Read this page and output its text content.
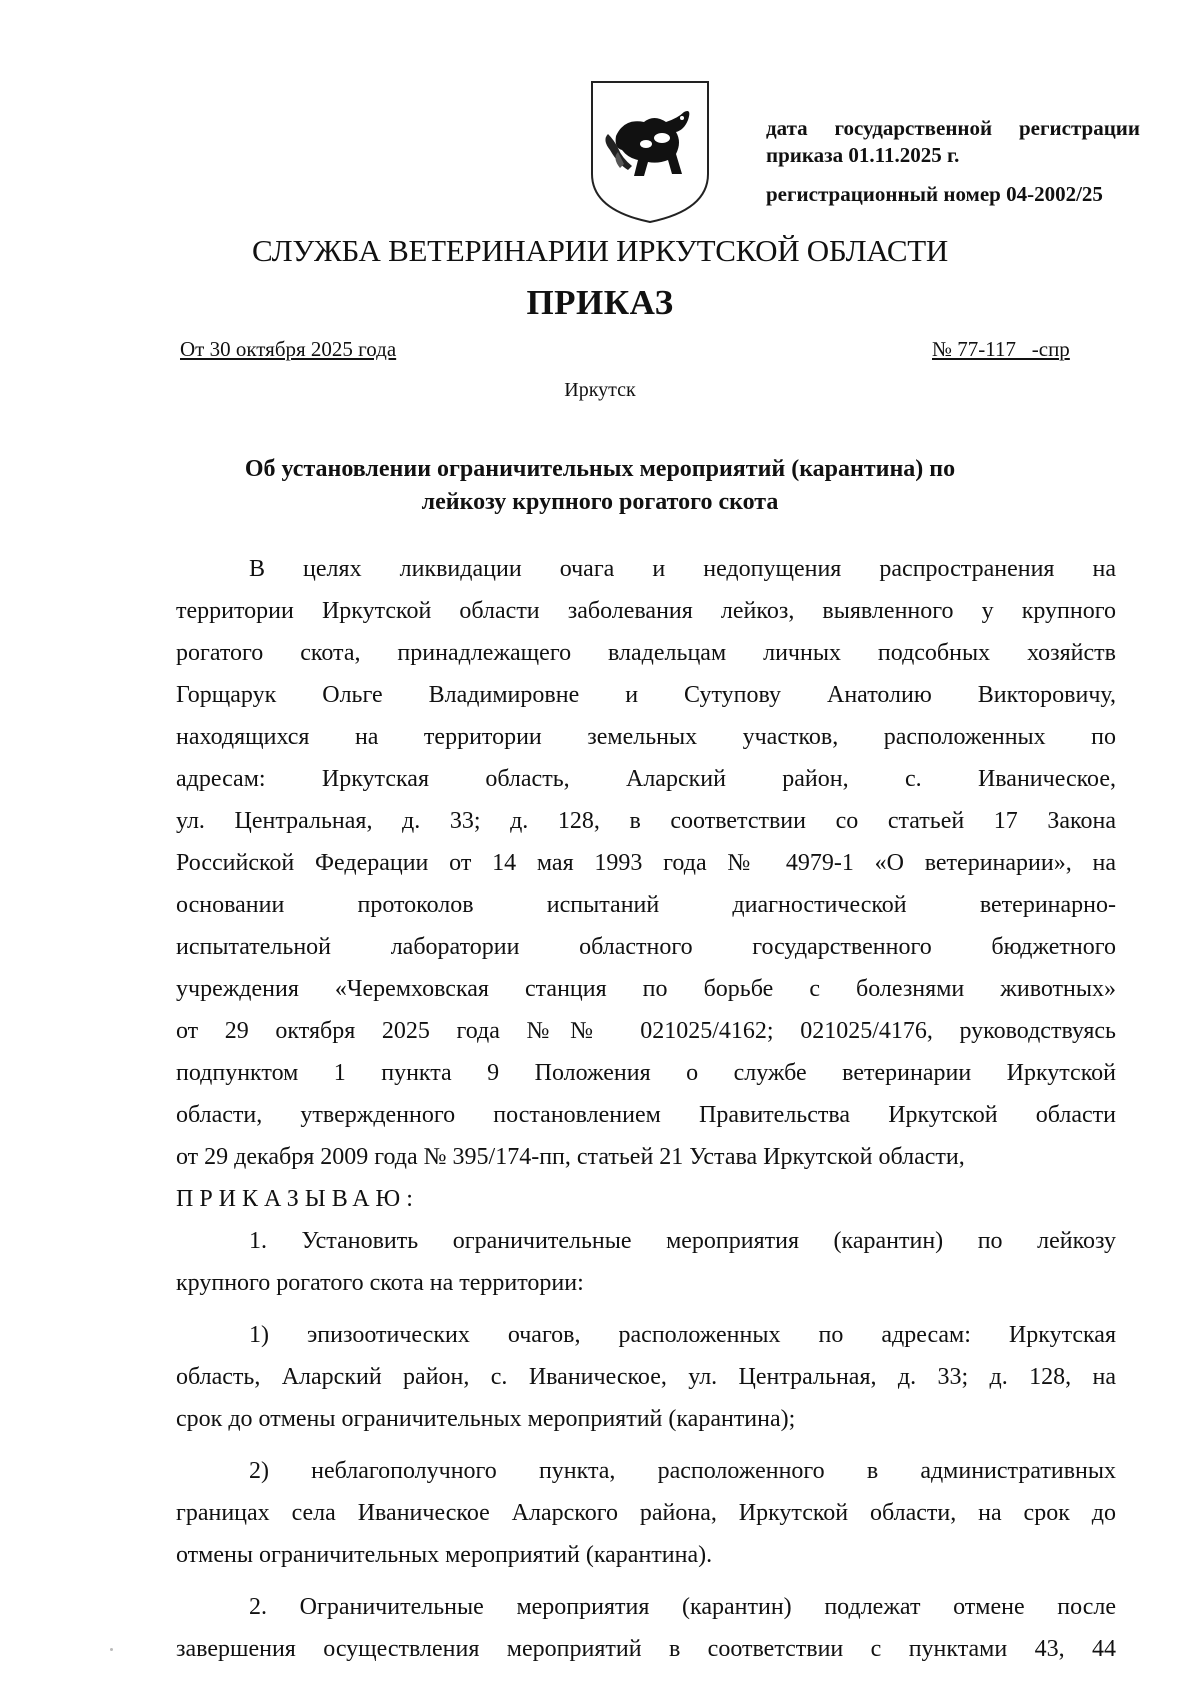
дата государственной регистрации
приказа 01.11.2025 г.
регистрационный номер 04-2002/25
СЛУЖБА ВЕТЕРИНАРИИ ИРКУТСКОЙ ОБЛАСТИ
ПРИКАЗ
От 30 октября 2025 года	№ 77-117   -спр
Иркутск
Об установлении ограничительных мероприятий (карантина) по
лейкозу крупного рогатого скота
В целях ликвидации очага и недопущения распространения на
территории Иркутской области заболевания лейкоз, выявленного у крупного
рогатого скота, принадлежащего владельцам личных подсобных хозяйств
Горщарук Ольге Владимировне и Сутупову Анатолию Викторовичу,
находящихся на территории земельных участков, расположенных по
адресам: Иркутская область, Аларский район, с. Иваническое,
ул. Центральная, д. 33; д. 128, в соответствии со статьей 17 Закона
Российской Федерации от 14 мая 1993 года № 4979-1 «О ветеринарии», на
основании протоколов испытаний диагностической ветеринарно-
испытательной лаборатории областного государственного бюджетного
учреждения «Черемховская станция по борьбе с болезнями животных»
от 29 октября 2025 года №№ 021025/4162; 021025/4176, руководствуясь
подпунктом 1 пункта 9 Положения о службе ветеринарии Иркутской
области, утвержденного постановлением Правительства Иркутской области
от 29 декабря 2009 года № 395/174-пп, статьей 21 Устава Иркутской области,
ПРИКАЗЫВАЮ:
1. Установить ограничительные мероприятия (карантин) по лейкозу
крупного рогатого скота на территории:
1) эпизоотических очагов, расположенных по адресам: Иркутская
область, Аларский район, с. Иваническое, ул. Центральная, д. 33; д. 128, на
срок до отмены ограничительных мероприятий (карантина);
2) неблагополучного пункта, расположенного в административных
границах села Иваническое Аларского района, Иркутской области, на срок до
отмены ограничительных мероприятий (карантина).
2. Ограничительные мероприятия (карантин) подлежат отмене после
завершения осуществления мероприятий в соответствии с пунктами 43, 44
